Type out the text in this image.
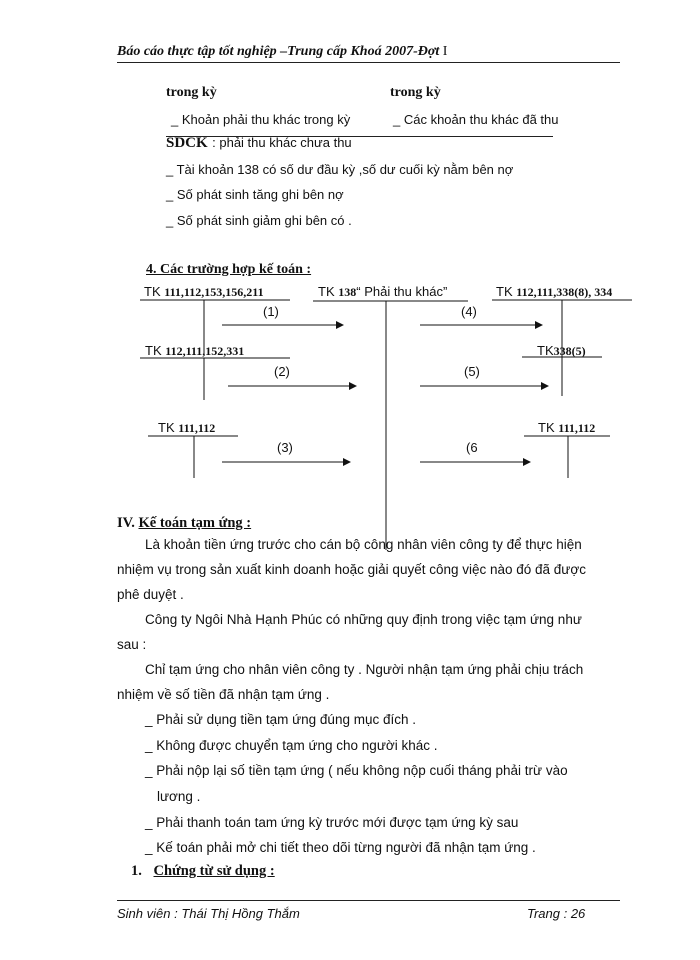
Báo cáo thực tập tốt nghiệp –Trung cấp Khoá 2007-Đợt I
trong kỳ	trong kỳ
_ Khoản phải thu khác trong kỳ	_ Các khoản thu khác đã thu
SDCK : phải thu khác chưa thu
_ Tài khoản 138 có số dư đầu kỳ ,số dư cuối kỳ nằm bên nợ
_ Số phát sinh tăng ghi bên nợ
_ Số phát sinh giảm ghi bên có .
4. Các trường hợp kế toán :
TK 111,112,153,156,211	TK 138“ Phải thu khác”	TK 112,111,338(8), 334
TK 112,111,152,331	TK338(5)
TK 111,112	TK 111,112
(1)
(2)
(3)
(4)
(5)
(6
IV. Kế toán tạm ứng :
Là khoản tiền ứng trước cho cán bộ công nhân viên công ty để thực hiện
nhiệm vụ trong sản xuất kinh doanh hoặc giải quyết công việc nào đó đã được
phê duyệt .
Công ty Ngôi Nhà Hạnh Phúc có những quy định trong việc tạm ứng như
sau :
Chỉ tạm ứng cho nhân viên công ty . Người nhận tạm ứng phải chịu trách
nhiệm về số tiền đã nhận tạm ứng .
_ Phải sử dụng tiền tạm ứng đúng mục đích .
_ Không được chuyển tạm ứng cho người khác .
_ Phải nộp lại số tiền tạm ứng ( nếu không nộp cuối tháng phải trừ vào
lương .
_ Phải thanh toán tam ứng kỳ trước mới được tạm ứng kỳ sau
_ Kế toán phải mở chi tiết theo dõi từng người đã nhận tạm ứng .
1. Chứng từ sử dụng :
Sinh viên : Thái Thị Hồng Thắm	Trang : 26
